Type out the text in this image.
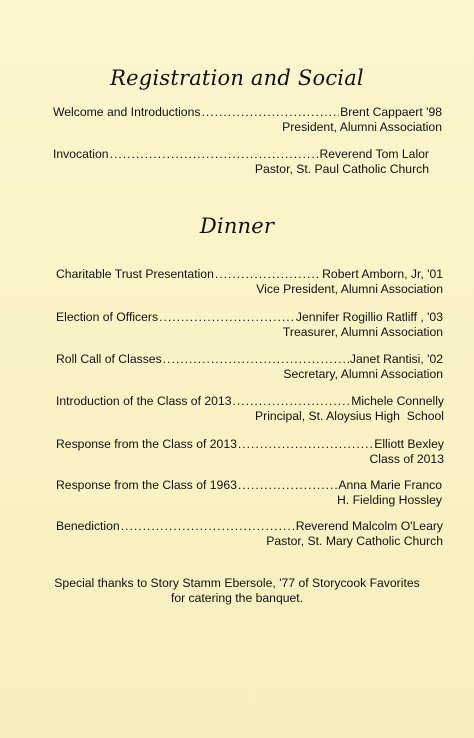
Registration and Social
Welcome and Introductions .....	Brent Cappaert '98
President, Alumni Association
Invocation .....	Reverend Tom Lalor
Pastor, St. Paul Catholic Church
Dinner
Charitable Trust Presentation .....	Robert Amborn, Jr, '01
Vice President, Alumni Association
Election of Officers .....	Jennifer Rogillio Ratliff , '03
Treasurer, Alumni Association
Roll Call of Classes .....	Janet Rantisi, '02
Secretary, Alumni Association
Introduction of the Class of 2013 .....	Michele Connelly
Principal, St. Aloysius High  School
Response from the Class of 2013 .....	Elliott Bexley
Class of 2013
Response from the Class of 1963 .....	Anna Marie Franco
H. Fielding Hossley
Benediction .....	Reverend Malcolm O'Leary
Pastor, St. Mary Catholic Church
Special thanks to Story Stamm Ebersole, '77 of Storycook Favorites
for catering the banquet.
